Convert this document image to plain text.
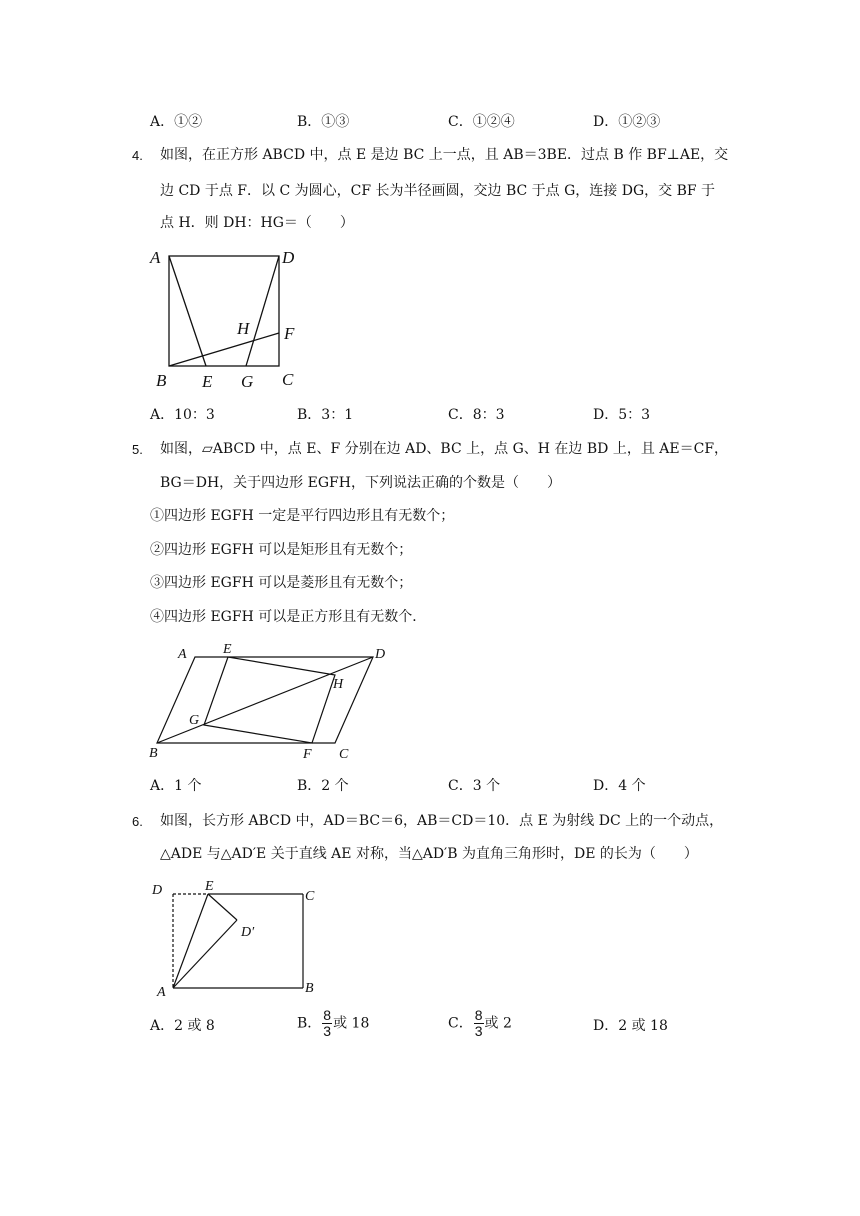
A．①②	B．①③	C．①②④	D．①②③
4. 如图，在正方形 ABCD 中，点 E 是边 BC 上一点，且 AB＝3BE．过点 B 作 BF⊥AE，交
边 CD 于点 F．以 C 为圆心，CF 长为半径画圆，交边 BC 于点 G，连接 DG，交 BF 于
点 H．则 DH：HG＝（　　）
A	D
F
H
B E G C
A．10：3	B．3：1	C．8：3	D．5：3
5. 如图，▱ABCD 中，点 E、F 分别在边 AD、BC 上，点 G、H 在边 BD 上，且 AE＝CF，
BG＝DH，关于四边形 EGFH，下列说法正确的个数是（　　）
①四边形 EGFH 一定是平行四边形且有无数个；
②四边形 EGFH 可以是矩形且有无数个；
③四边形 EGFH 可以是菱形且有无数个；
④四边形 EGFH 可以是正方形且有无数个．
A	E	D
H
G
B	F C
A．1 个	B．2 个	C．3 个	D．4 个
6. 如图，长方形 ABCD 中，AD＝BC＝6，AB＝CD＝10．点 E 为射线 DC 上的一个动点，
△ADE 与△AD′E 关于直线 AE 对称，当△AD′B 为直角三角形时，DE 的长为（　　）
D	E
C
D′
A	B
A．2 或 8	B． $\frac{8}{3}$ 或 18	C． $\frac{8}{3}$ 或 2	D．2 或 18
